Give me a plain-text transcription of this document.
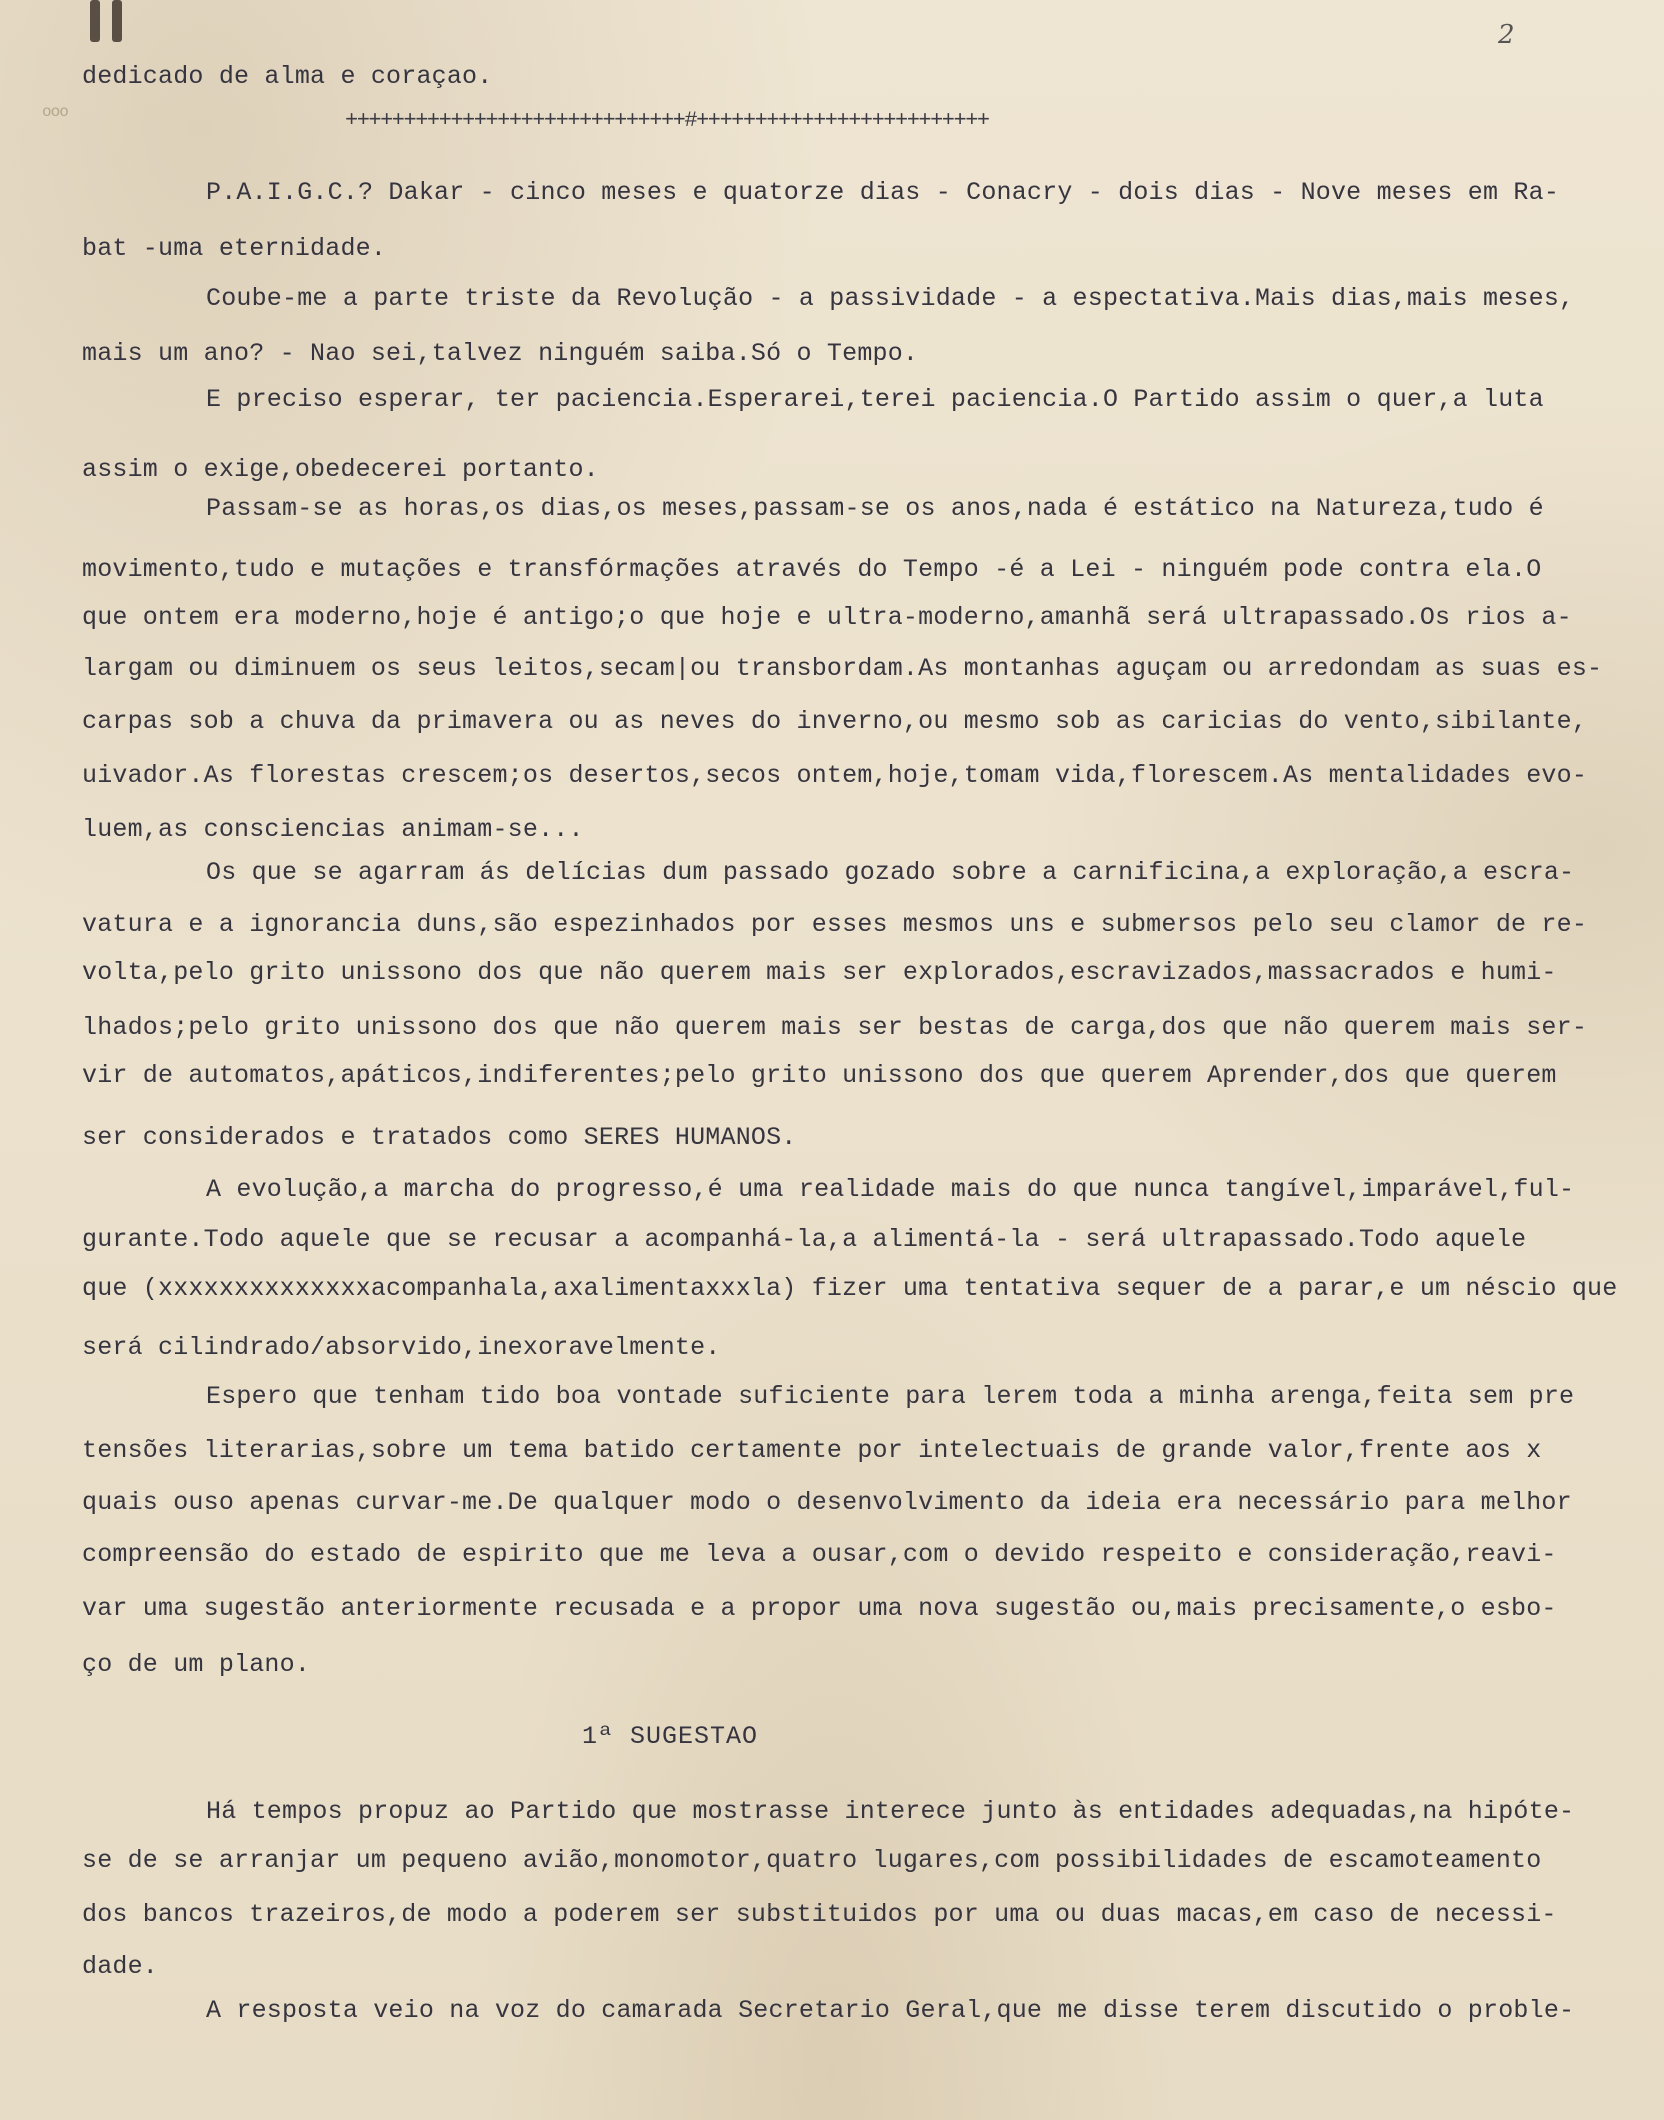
2
ᴏᴏᴏ
dedicado de alma e coraçao.
+++++++++++++++++++++++++++++#+++++++++++++++++++++++++
P.A.I.G.C.? Dakar - cinco meses e quatorze dias - Conacry - dois dias - Nove meses em Ra-
bat -uma eternidade.
Coube-me a parte triste da Revolução - a passividade - a espectativa.Mais dias,mais meses,
mais um ano? - Nao sei,talvez ninguém saiba.Só o Tempo.
E preciso esperar, ter paciencia.Esperarei,terei paciencia.O Partido assim o quer,a luta
assim o exige,obedecerei portanto.
Passam-se as horas,os dias,os meses,passam-se os anos,nada é estático na Natureza,tudo é
movimento,tudo e mutações e transfórmações através do Tempo -é a Lei - ninguém pode contra ela.O
que ontem era moderno,hoje é antigo;o que hoje e ultra-moderno,amanhã será ultrapassado.Os rios a-
largam ou diminuem os seus leitos,secam|ou transbordam.As montanhas aguçam ou arredondam as suas es-
carpas sob a chuva da primavera ou as neves do inverno,ou mesmo sob as caricias do vento,sibilante,
uivador.As florestas crescem;os desertos,secos ontem,hoje,tomam vida,florescem.As mentalidades evo-
luem,as consciencias animam-se...
Os que se agarram ás delícias dum passado gozado sobre a carnificina,a exploração,a escra-
vatura e a ignorancia duns,são espezinhados por esses mesmos uns e submersos pelo seu clamor de re-
volta,pelo grito unissono dos que não querem mais ser explorados,escravizados,massacrados e humi-
lhados;pelo grito unissono dos que não querem mais ser bestas de carga,dos que não querem mais ser-
vir de automatos,apáticos,indiferentes;pelo grito unissono dos que querem Aprender,dos que querem
ser considerados e tratados como SERES HUMANOS.
A evolução,a marcha do progresso,é uma realidade mais do que nunca tangível,imparável,ful-
gurante.Todo aquele que se recusar a acompanhá-la,a alimentá-la - será ultrapassado.Todo aquele
que (xxxxxxxxxxxxxxacompanhala,axalimentaxxxla) fizer uma tentativa sequer de a parar,e um néscio que
será cilindrado/absorvido,inexoravelmente.
Espero que tenham tido boa vontade suficiente para lerem toda a minha arenga,feita sem pre
tensões literarias,sobre um tema batido certamente por intelectuais de grande valor,frente aos x
quais ouso apenas curvar-me.De qualquer modo o desenvolvimento da ideia era necessário para melhor
compreensão do estado de espirito que me leva a ousar,com o devido respeito e consideração,reavi-
var uma sugestão anteriormente recusada e a propor uma nova sugestão ou,mais precisamente,o esbo-
ço de um plano.
1ª SUGESTAO
Há tempos propuz ao Partido que mostrasse interece junto às entidades adequadas,na hipóte-
se de se arranjar um pequeno avião,monomotor,quatro lugares,com possibilidades de escamoteamento
dos bancos trazeiros,de modo a poderem ser substituidos por uma ou duas macas,em caso de necessi-
dade.
A resposta veio na voz do camarada Secretario Geral,que me disse terem discutido o proble-
